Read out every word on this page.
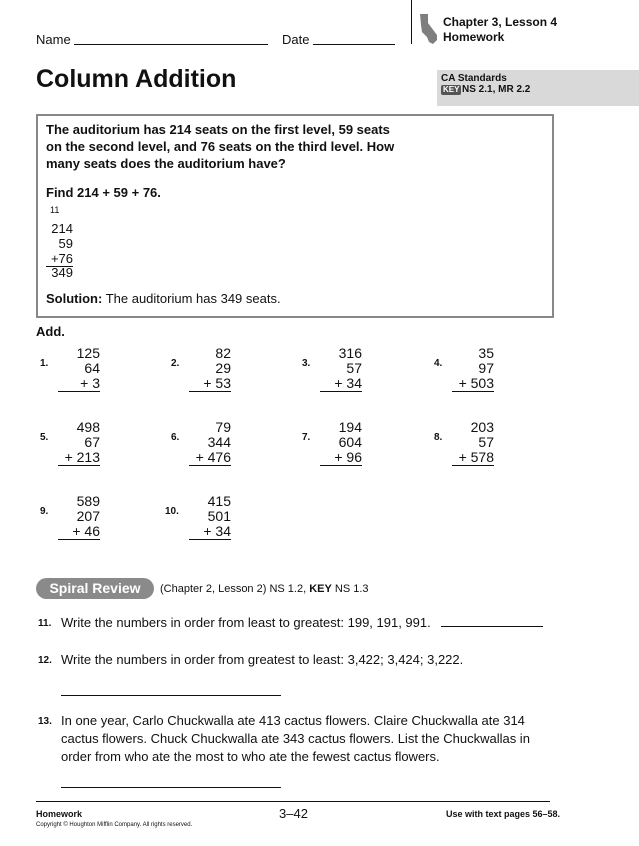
Name	Date
Chapter 3, Lesson 4
Homework
Column Addition	CA Standards
KEY NS 2.1, MR 2.2
The auditorium has 214 seats on the first level, 59 seats
on the second level, and 76 seats on the third level. How
many seats does the auditorium have?
Find 214 + 59 + 76.
11
214
59
+76
349
Solution: The auditorium has 349 seats.
Add.
1.
125
64
+ 3
2.
82
29
+ 53
3.
316
57
+ 34
4.
35
97
+ 503
5.
498
67
+ 213
6.
79
344
+ 476
7.
194
604
+ 96
8.
203
57
+ 578
9.
589
207
+ 46
10.
415
501
+ 34
Spiral Review	(Chapter 2, Lesson 2) NS 1.2, KEY NS 1.3
11. Write the numbers in order from least to greatest: 199, 191, 991.
12. Write the numbers in order from greatest to least: 3,422; 3,424; 3,222.
13. In one year, Carlo Chuckwalla ate 413 cactus flowers. Claire Chuckwalla ate 314
cactus flowers. Chuck Chuckwalla ate 343 cactus flowers. List the Chuckwallas in
order from who ate the most to who ate the fewest cactus flowers.
Homework
Copyright © Houghton Mifflin Company. All rights reserved.
3–42	Use with text pages 56–58.
